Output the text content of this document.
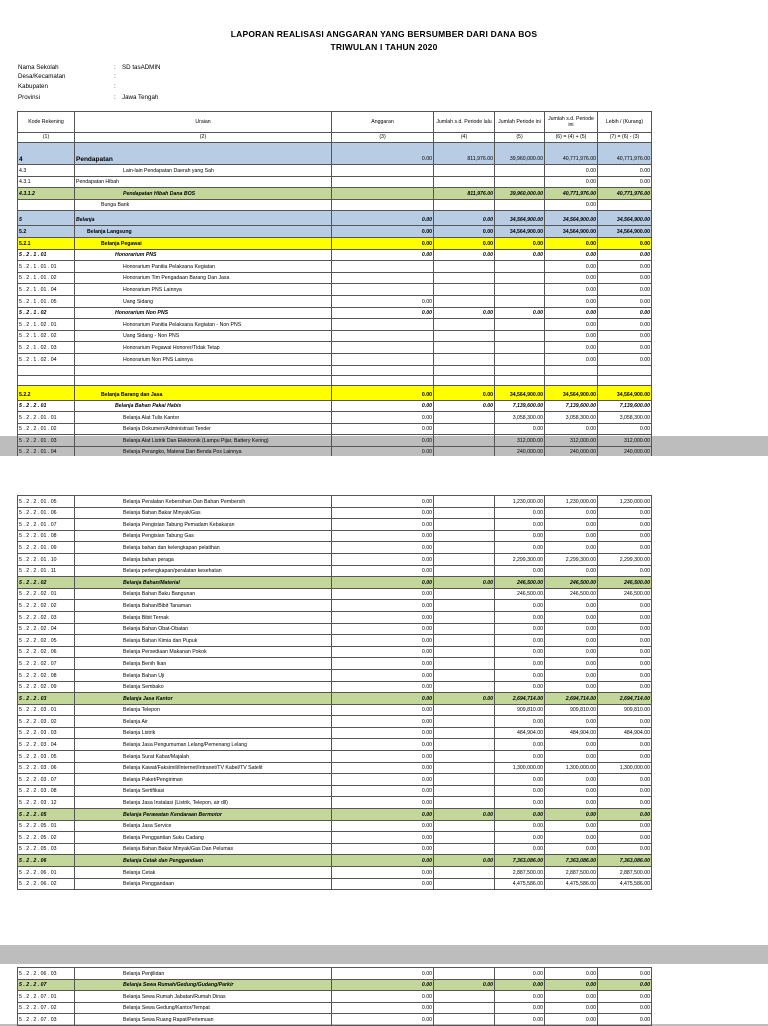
LAPORAN REALISASI ANGGARAN YANG BERSUMBER DARI DANA BOS
TRIWULAN I TAHUN 2020
Nama Sekolah	: SD tasADMIN
Desa/Kecamatan	:
Kabupaten	:
Provinsi	: Jawa Tengah
Kode Rekening	Uraian	Anggaran	Jumlah s.d. Periode lalu	Jumlah Periode ini	Jumlah s.d. Periode ini	Lebih / (Kurang)
(1)	(2)	(3)	(4)	(5)	(6) = (4) + (5)	(7) = (6) - (3)
4	Pendapatan	0.00	811,976.00	39,960,000.00	40,771,976.00	40,771,976.00
4.3	Lain-lain Pendapatan Daerah yang Sah				0.00	0.00
4.3.1	Pendapatan Hibah				0.00	0.00
4.3.1.2	Pendapatan Hibah Dana BOS		811,976.00	39,960,000.00	40,771,976.00	40,771,976.00
	Bunga Bank				0.00	
5	Belanja	0.00	0.00	34,564,900.00	34,564,900.00	34,564,900.00
5.2	Belanja Langsung	0.00	0.00	34,564,900.00	34,564,900.00	34,564,900.00
5.2.1	Belanja Pegawai	0.00	0.00	0.00	0.00	0.00
5 . 2 . 1 . 01	Honorarium PNS	0.00	0.00	0.00	0.00	0.00
5 . 2 . 1 . 01 . 01	Honorarium Panitia Pelaksana Kegiatan				0.00	0.00
5 . 2 . 1 . 01 . 02	Honorarium Tim Pengadaan Barang Dan Jasa				0.00	0.00
5 . 2 . 1 . 01 . 04	Honorarium PNS Lainnya				0.00	0.00
5 . 2 . 1 . 01 . 05	Uang Sidang	0.00			0.00	0.00
5 . 2 . 1 . 02	Honorarium Non PNS	0.00	0.00	0.00	0.00	0.00
5 . 2 . 1 . 02 . 01	Honorarium Panitia Pelaksana Kegiatan - Non PNS				0.00	0.00
5 . 2 . 1 . 02 . 02	Uang Sidang - Non PNS				0.00	0.00
5 . 2 . 1 . 02 . 03	Honorarium Pegawai Honorer/Tidak Tetap				0.00	0.00
5 . 2 . 1 . 02 . 04	Honorarium Non PNS Lainnya				0.00	0.00

5.2.2	Belanja Barang dan Jasa	0.00	0.00	34,564,900.00	34,564,900.00	34,564,900.00
5 . 2 . 2 . 01	Belanja Bahan Pakai Habis	0.00	0.00	7,139,600.00	7,139,600.00	7,139,600.00
5 . 2 . 2 . 01 . 01	Belanja Alat Tulis Kantor	0.00		3,058,300.00	3,058,300.00	3,058,300.00
5 . 2 . 2 . 01 . 02	Belanja Dokumen/Administrasi Tender	0.00		0.00	0.00	0.00
5 . 2 . 2 . 01 . 03	Belanja Alat Listrik Dan Elektronik (Lampu Pijar, Battery Kering)	0.00		312,000.00	312,000.00	312,000.00
5 . 2 . 2 . 01 . 04	Belanja Perangko, Materai Dan Benda Pos Lainnya	0.00		240,000.00	240,000.00	240,000.00
5 . 2 . 2 . 01 . 05	Belanja Peralatan Kebersihan Dan Bahan Pembersih	0.00		1,230,000.00	1,230,000.00	1,230,000.00
5 . 2 . 2 . 01 . 06	Belanja Bahan Bakar Minyak/Gas	0.00		0.00	0.00	0.00
5 . 2 . 2 . 01 . 07	Belanja Pengisian Tabung Pemadam Kebakaran	0.00		0.00	0.00	0.00
5 . 2 . 2 . 01 . 08	Belanja Pengisian Tabung Gas	0.00		0.00	0.00	0.00
5 . 2 . 2 . 01 . 09	Belanja bahan dan kelengkapan pelatihan	0.00		0.00	0.00	0.00
5 . 2 . 2 . 01 . 10	Belanja bahan peraga	0.00		2,299,300.00	2,299,300.00	2,299,300.00
5 . 2 . 2 . 01 . 11	Belanja perlengkapan/peralatan kesehatan	0.00		0.00	0.00	0.00
5 . 2 . 2 . 02	Belanja Bahan/Material	0.00	0.00	246,500.00	246,500.00	246,500.00
5 . 2 . 2 . 02 . 01	Belanja Bahan Baku Bangunan	0.00		246,500.00	246,500.00	246,500.00
5 . 2 . 2 . 02 . 02	Belanja Bahan/Bibit Tanaman	0.00		0.00	0.00	0.00
5 . 2 . 2 . 02 . 03	Belanja Bibit Ternak	0.00		0.00	0.00	0.00
5 . 2 . 2 . 02 . 04	Belanja Bahan Obat-Obatan	0.00		0.00	0.00	0.00
5 . 2 . 2 . 02 . 05	Belanja Bahan Kimia dan Pupuk	0.00		0.00	0.00	0.00
5 . 2 . 2 . 02 . 06	Belanja Persediaan Makanan Pokok	0.00		0.00	0.00	0.00
5 . 2 . 2 . 02 . 07	Belanja Benih Ikan	0.00		0.00	0.00	0.00
5 . 2 . 2 . 02 . 08	Belanja Bahan Uji	0.00		0.00	0.00	0.00
5 . 2 . 2 . 02 . 09	Belanja Sembako	0.00		0.00	0.00	0.00
5 . 2 . 2 . 03	Belanja Jasa Kantor	0.00	0.00	2,694,714.00	2,694,714.00	2,694,714.00
5 . 2 . 2 . 03 . 01	Belanja Telepon	0.00		909,810.00	909,810.00	909,810.00
5 . 2 . 2 . 03 . 02	Belanja Air	0.00		0.00	0.00	0.00
5 . 2 . 2 . 03 . 03	Belanja Listrik	0.00		484,904.00	484,904.00	484,904.00
5 . 2 . 2 . 03 . 04	Belanja Jasa Pengumuman Lelang/Pemenang Lelang	0.00		0.00	0.00	0.00
5 . 2 . 2 . 03 . 05	Belanja Surat Kabar/Majalah	0.00		0.00	0.00	0.00
5 . 2 . 2 . 03 . 06	Belanja Kawat/Faksimili/Internet/Intranet/TV Kabel/TV Satelit	0.00		1,300,000.00	1,300,000.00	1,300,000.00
5 . 2 . 2 . 03 . 07	Belanja Paket/Pengiriman	0.00		0.00	0.00	0.00
5 . 2 . 2 . 03 . 08	Belanja Sertifikasi	0.00		0.00	0.00	0.00
5 . 2 . 2 . 03 . 12	Belanja Jasa Instalasi (Listrik, Telepon, air dll)	0.00		0.00	0.00	0.00
5 . 2 . 2 . 05	Belanja Perawatan Kendaraan Bermotor	0.00	0.00	0.00	0.00	0.00
5 . 2 . 2 . 05 . 01	Belanja Jasa Service	0.00		0.00	0.00	0.00
5 . 2 . 2 . 05 . 02	Belanja Penggantian Suku Cadang	0.00		0.00	0.00	0.00
5 . 2 . 2 . 05 . 03	Belanja Bahan Bakar Minyak/Gas Dan Pelumas	0.00		0.00	0.00	0.00
5 . 2 . 2 . 06	Belanja Cetak dan Penggandaan	0.00	0.00	7,363,086.00	7,363,086.00	7,363,086.00
5 . 2 . 2 . 06 . 01	Belanja Cetak	0.00		2,887,500.00	2,887,500.00	2,887,500.00
5 . 2 . 2 . 06 . 02	Belanja Penggandaan	0.00		4,475,586.00	4,475,586.00	4,475,586.00
5 . 2 . 2 . 06 . 03	Belanja Penjilidan	0.00		0.00	0.00	0.00
5 . 2 . 2 . 07	Belanja Sewa Rumah/Gedung/Gudang/Parkir	0.00	0.00	0.00	0.00	0.00
5 . 2 . 2 . 07 . 01	Belanja Sewa Rumah Jabatan/Rumah Dinas	0.00		0.00	0.00	0.00
5 . 2 . 2 . 07 . 02	Belanja Sewa Gedung/Kantor/Tempat	0.00		0.00	0.00	0.00
5 . 2 . 2 . 07 . 03	Belanja Sewa Ruang Rapat/Pertemuan	0.00		0.00	0.00	0.00
